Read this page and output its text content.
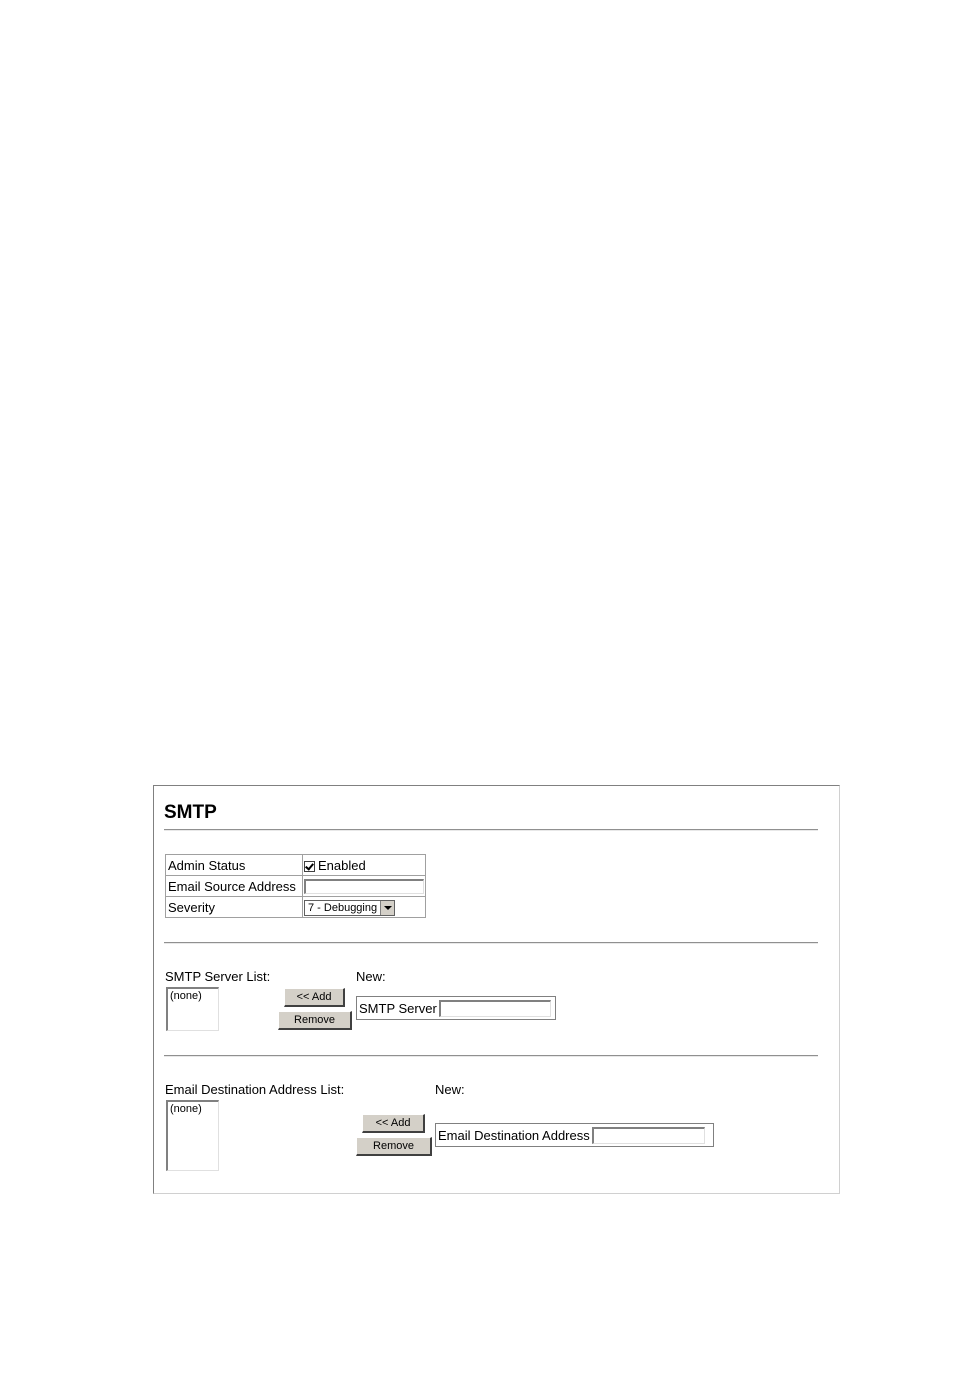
SMTP
Admin Status	Enabled
Email Source Address	

Severity	7 - Debugging
SMTP Server List:
(none)	<< Add
Remove
New:
SMTP Server
Email Destination Address List:
(none)
<< Add
Remove
New:
Email Destination Address
